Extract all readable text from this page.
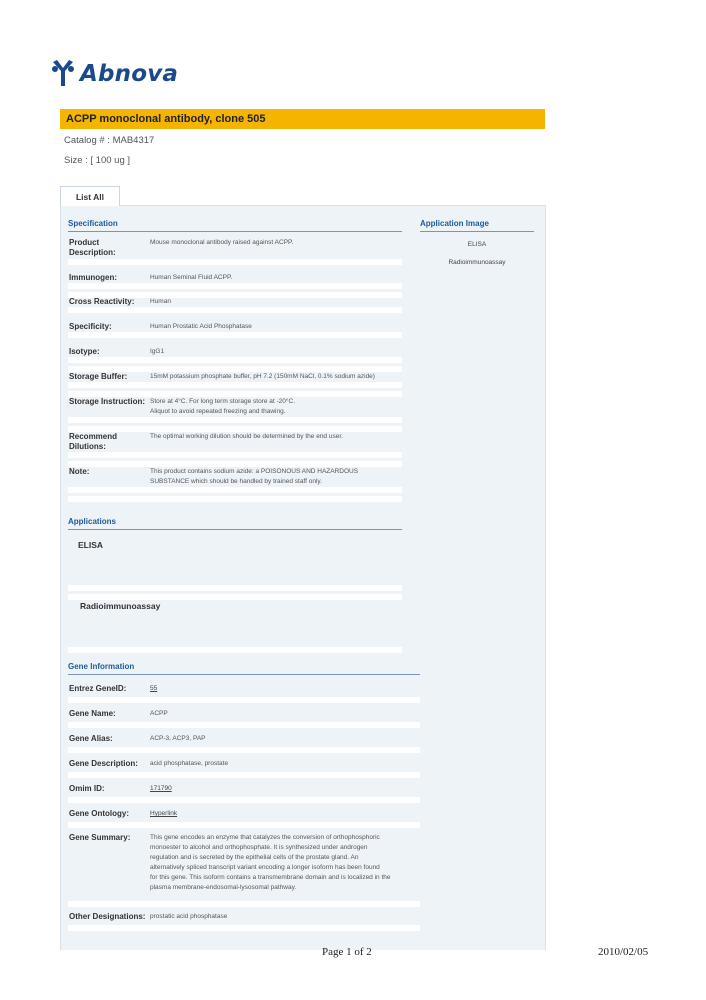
Abnova
ACPP monoclonal antibody, clone 505
Catalog # : MAB4317
Size : [ 100 ug ]
List All
Specification
Product Description:
Mouse monoclonal antibody raised against ACPP.
Immunogen:	Human Seminal Fluid ACPP.
Cross Reactivity:	Human
Specificity:	Human Prostatic Acid Phosphatase
Isotype:	IgG1
Storage Buffer:	15mM potassium phosphate buffer, pH 7.2 (150mM NaCl, 0.1% sodium azide)
Storage Instruction: Store at 4°C. For long term storage store at -20°C.
Aliquot to avoid repeated freezing and thawing.
Recommend Dilutions:
The optimal working dilution should be determined by the end user.
Note:	This product contains sodium azide: a POISONOUS AND HAZARDOUS
SUBSTANCE which should be handled by trained staff only.
Application Image
ELISA
Radioimmunoassay
Applications
ELISA
Radioimmunoassay
Gene Information
Entrez GeneID:	55
Gene Name:	ACPP
Gene Alias:	ACP-3, ACP3, PAP
Gene Description:	acid phosphatase, prostate
Omim ID:	171790
Gene Ontology:	Hyperlink
Gene Summary:	This gene encodes an enzyme that catalyzes the conversion of orthophosphoric
monoester to alcohol and orthophosphate. It is synthesized under androgen
regulation and is secreted by the epithelial cells of the prostate gland. An
alternatively spliced transcript variant encoding a longer isoform has been found
for this gene. This isoform contains a transmembrane domain and is localized in the
plasma membrane-endosomal-lysosomal pathway.
Other Designations: prostatic acid phosphatase
Page 1 of 2	2010/02/05
